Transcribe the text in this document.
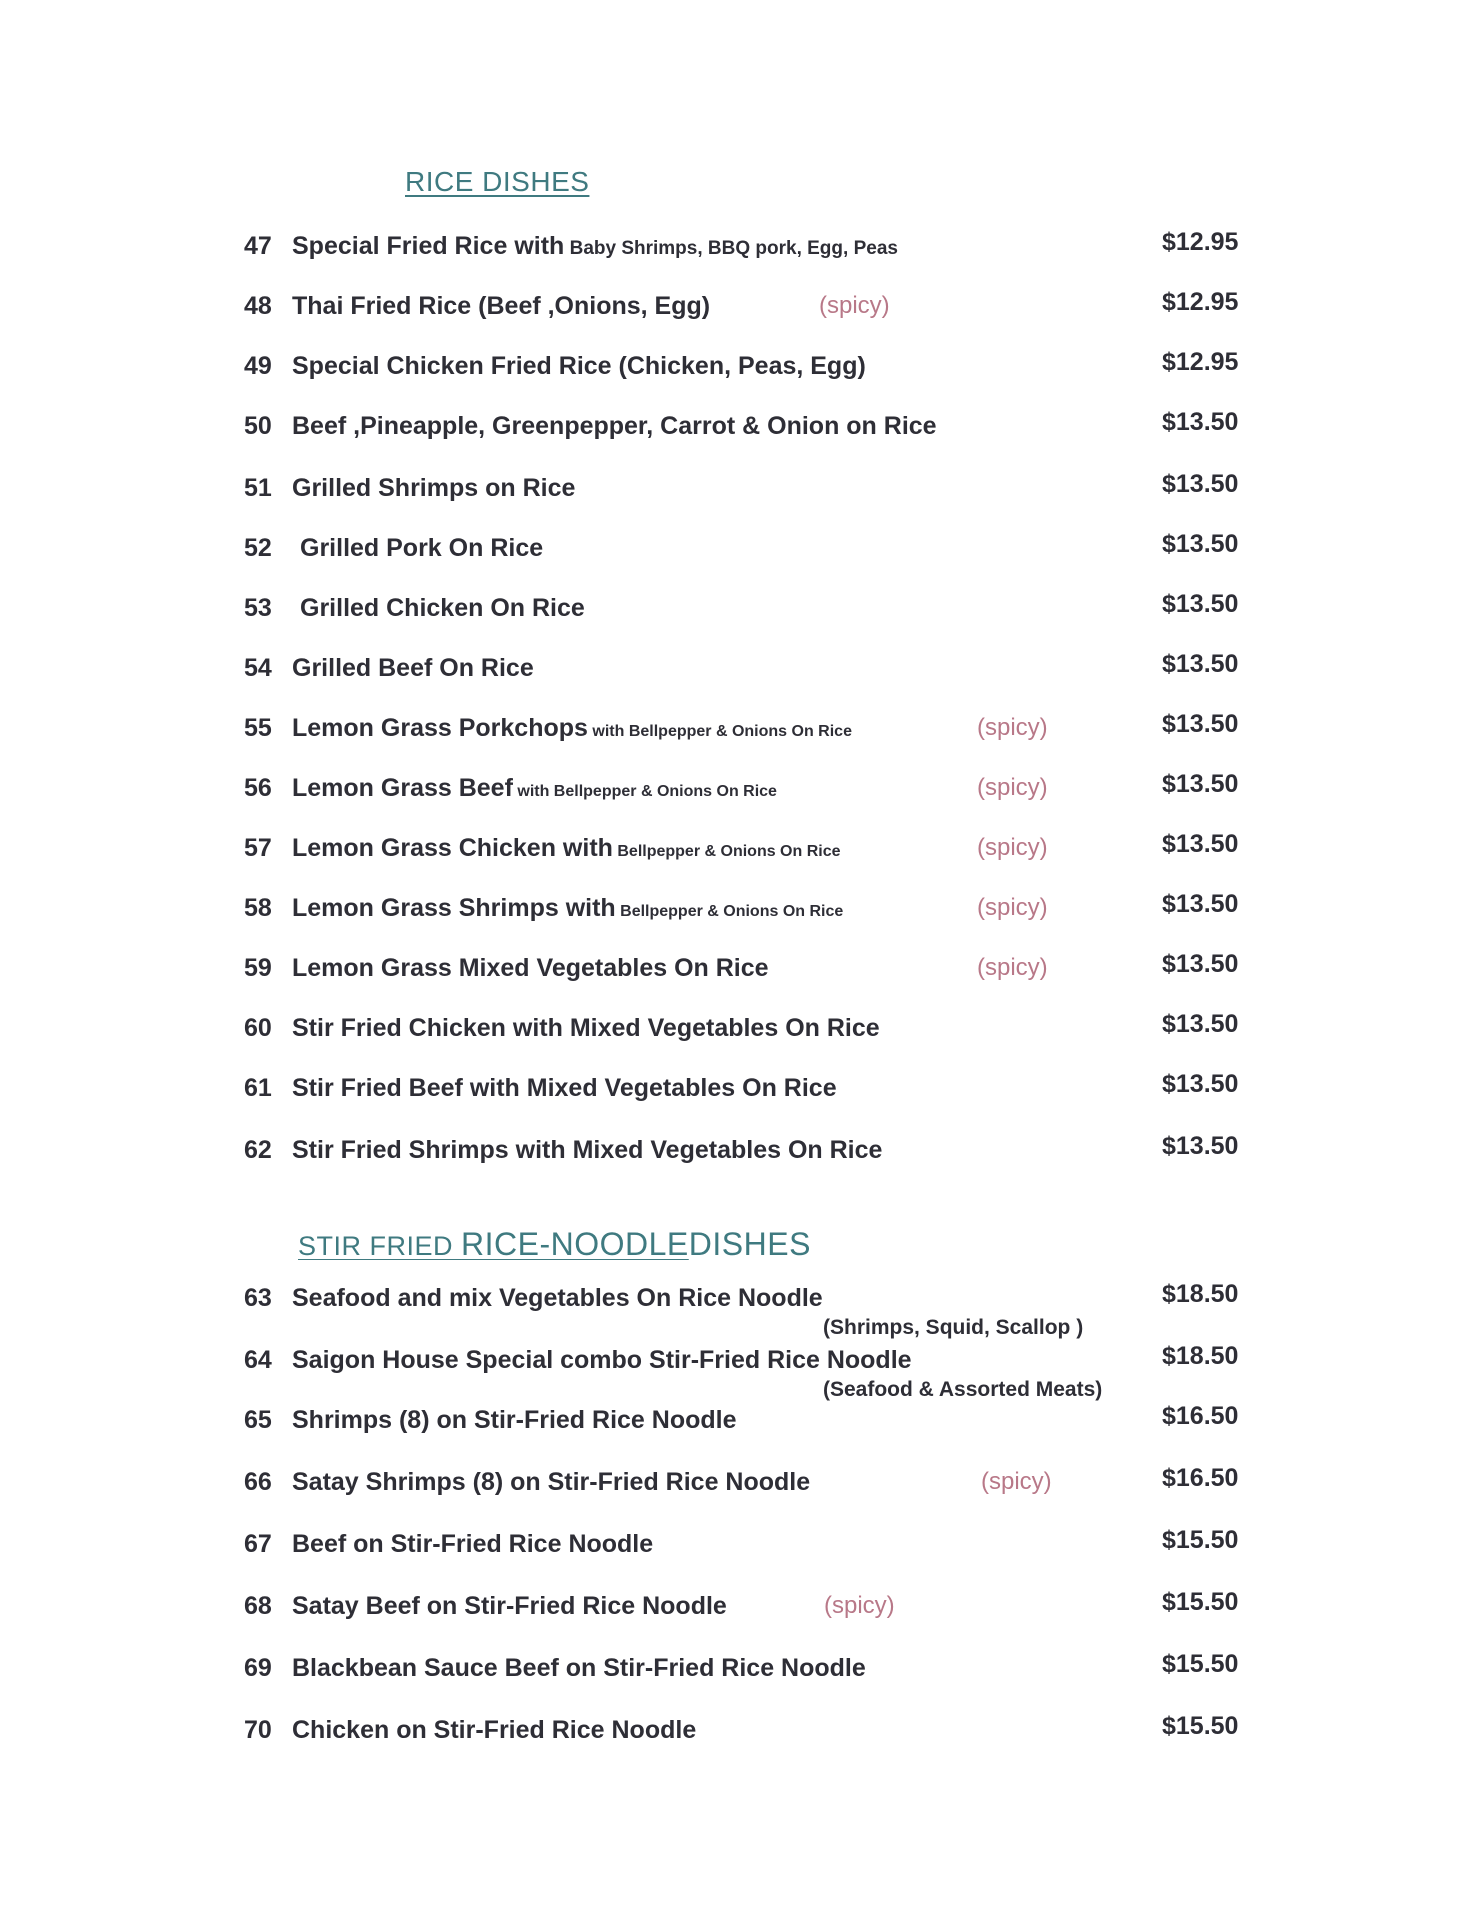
RICE DISHES
47 Special Fried Rice with Baby Shrimps, BBQ pork, Egg, Peas	$12.95
48 Thai Fried Rice (Beef ,Onions, Egg)	(spicy)	$12.95
49 Special Chicken Fried Rice (Chicken, Peas, Egg)	$12.95
50 Beef ,Pineapple, Greenpepper, Carrot & Onion on Rice	$13.50
51 Grilled Shrimps on Rice	$13.50
52 Grilled Pork On Rice	$13.50
53 Grilled Chicken On Rice	$13.50
54 Grilled Beef On Rice	$13.50
55 Lemon Grass Porkchops with Bellpepper & Onions On Rice	(spicy)	$13.50
56 Lemon Grass Beef with Bellpepper & Onions On Rice	(spicy)	$13.50
57 Lemon Grass Chicken with Bellpepper & Onions On Rice	(spicy)	$13.50
58 Lemon Grass Shrimps with Bellpepper & Onions On Rice	(spicy)	$13.50
59 Lemon Grass Mixed Vegetables On Rice	(spicy)	$13.50
60 Stir Fried Chicken with Mixed Vegetables On Rice	$13.50
61 Stir Fried Beef with Mixed Vegetables On Rice	$13.50
62 Stir Fried Shrimps with Mixed Vegetables On Rice	$13.50
STIR FRIED RICE-NOODLEDISHES
63 Seafood and mix Vegetables On Rice Noodle	$18.50
(Shrimps, Squid, Scallop )
64 Saigon House Special combo Stir-Fried Rice Noodle	$18.50
(Seafood & Assorted Meats)
65 Shrimps (8) on Stir-Fried Rice Noodle	$16.50
66 Satay Shrimps (8) on Stir-Fried Rice Noodle	(spicy)	$16.50
67 Beef on Stir-Fried Rice Noodle	$15.50
68 Satay Beef on Stir-Fried Rice Noodle	(spicy)	$15.50
69 Blackbean Sauce Beef on Stir-Fried Rice Noodle	$15.50
70 Chicken on Stir-Fried Rice Noodle	$15.50
